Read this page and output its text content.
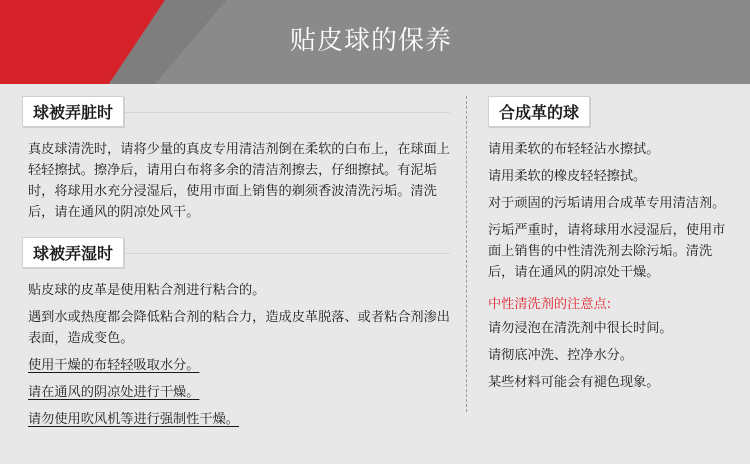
贴皮球的保养
球被弄脏时

真皮球清洗时，请将少量的真皮专用清洁剂倒在柔软的白布上，在球面上轻轻擦拭。擦净后，请用白布将多余的清洁剂擦去，仔细擦拭。有泥垢时，将球用水充分浸湿后，使用市面上销售的剃须香波清洗污垢。清洗后，请在通风的阴凉处风干。

球被弄湿时

贴皮球的皮革是使用粘合剂进行粘合的。

遇到水或热度都会降低粘合剂的粘合力，造成皮革脱落、或者粘合剂渗出表面，造成变色。

使用干燥的布轻轻吸取水分。

请在通风的阴凉处进行干燥。

请勿使用吹风机等进行强制性干燥。

合成革的球

请用柔软的布轻轻沾水擦拭。

请用柔软的橡皮轻轻擦拭。

对于顽固的污垢请用合成革专用清洁剂。

污垢严重时，请将球用水浸湿后，使用市面上销售的中性清洗剂去除污垢。清洗后，请在通风的阴凉处干燥。

中性清洗剂的注意点:

请勿浸泡在清洗剂中很长时间。

请彻底冲洗、控净水分。

某些材料可能会有褪色现象。
